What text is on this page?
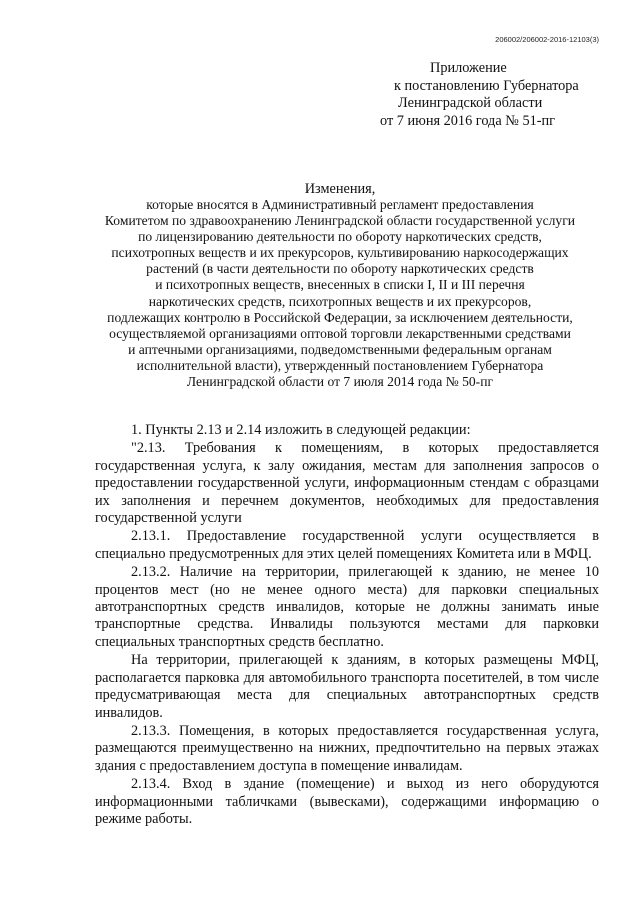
206002/206002-2016-12103(3)
Приложение
к постановлению Губернатора
Ленинградской области
от 7 июня 2016 года № 51-пг
Изменения,
которые вносятся в Административный регламент предоставления
Комитетом по здравоохранению Ленинградской области государственной услуги
по лицензированию деятельности по обороту наркотических средств,
психотропных веществ и их прекурсоров, культивированию наркосодержащих
растений (в части деятельности по обороту наркотических средств
и психотропных веществ, внесенных в списки I, II и III перечня
наркотических средств, психотропных веществ и их прекурсоров,
подлежащих контролю в Российской Федерации, за исключением деятельности,
осуществляемой организациями оптовой торговли лекарственными средствами
и аптечными организациями, подведомственными федеральным органам
исполнительной власти), утвержденный постановлением Губернатора
Ленинградской области от 7 июля 2014 года № 50-пг

1. Пункты 2.13 и 2.14 изложить в следующей редакции:

"2.13. Требования к помещениям, в которых предоставляется государственная услуга, к залу ожидания, местам для заполнения запросов о предоставлении государственной услуги, информационным стендам с образцами их заполнения и перечнем документов, необходимых для предоставления государственной услуги

2.13.1. Предоставление государственной услуги осуществляется в специально предусмотренных для этих целей помещениях Комитета или в МФЦ.

2.13.2. Наличие на территории, прилегающей к зданию, не менее 10 процентов мест (но не менее одного места) для парковки специальных автотранспортных средств инвалидов, которые не должны занимать иные транспортные средства. Инвалиды пользуются местами для парковки специальных транспортных средств бесплатно.

На территории, прилегающей к зданиям, в которых размещены МФЦ, располагается парковка для автомобильного транспорта посетителей, в том числе предусматривающая места для специальных автотранспортных средств инвалидов.

2.13.3. Помещения, в которых предоставляется государственная услуга, размещаются преимущественно на нижних, предпочтительно на первых этажах здания с предоставлением доступа в помещение инвалидам.

2.13.4. Вход в здание (помещение) и выход из него оборудуются информационными табличками (вывесками), содержащими информацию о режиме работы.
